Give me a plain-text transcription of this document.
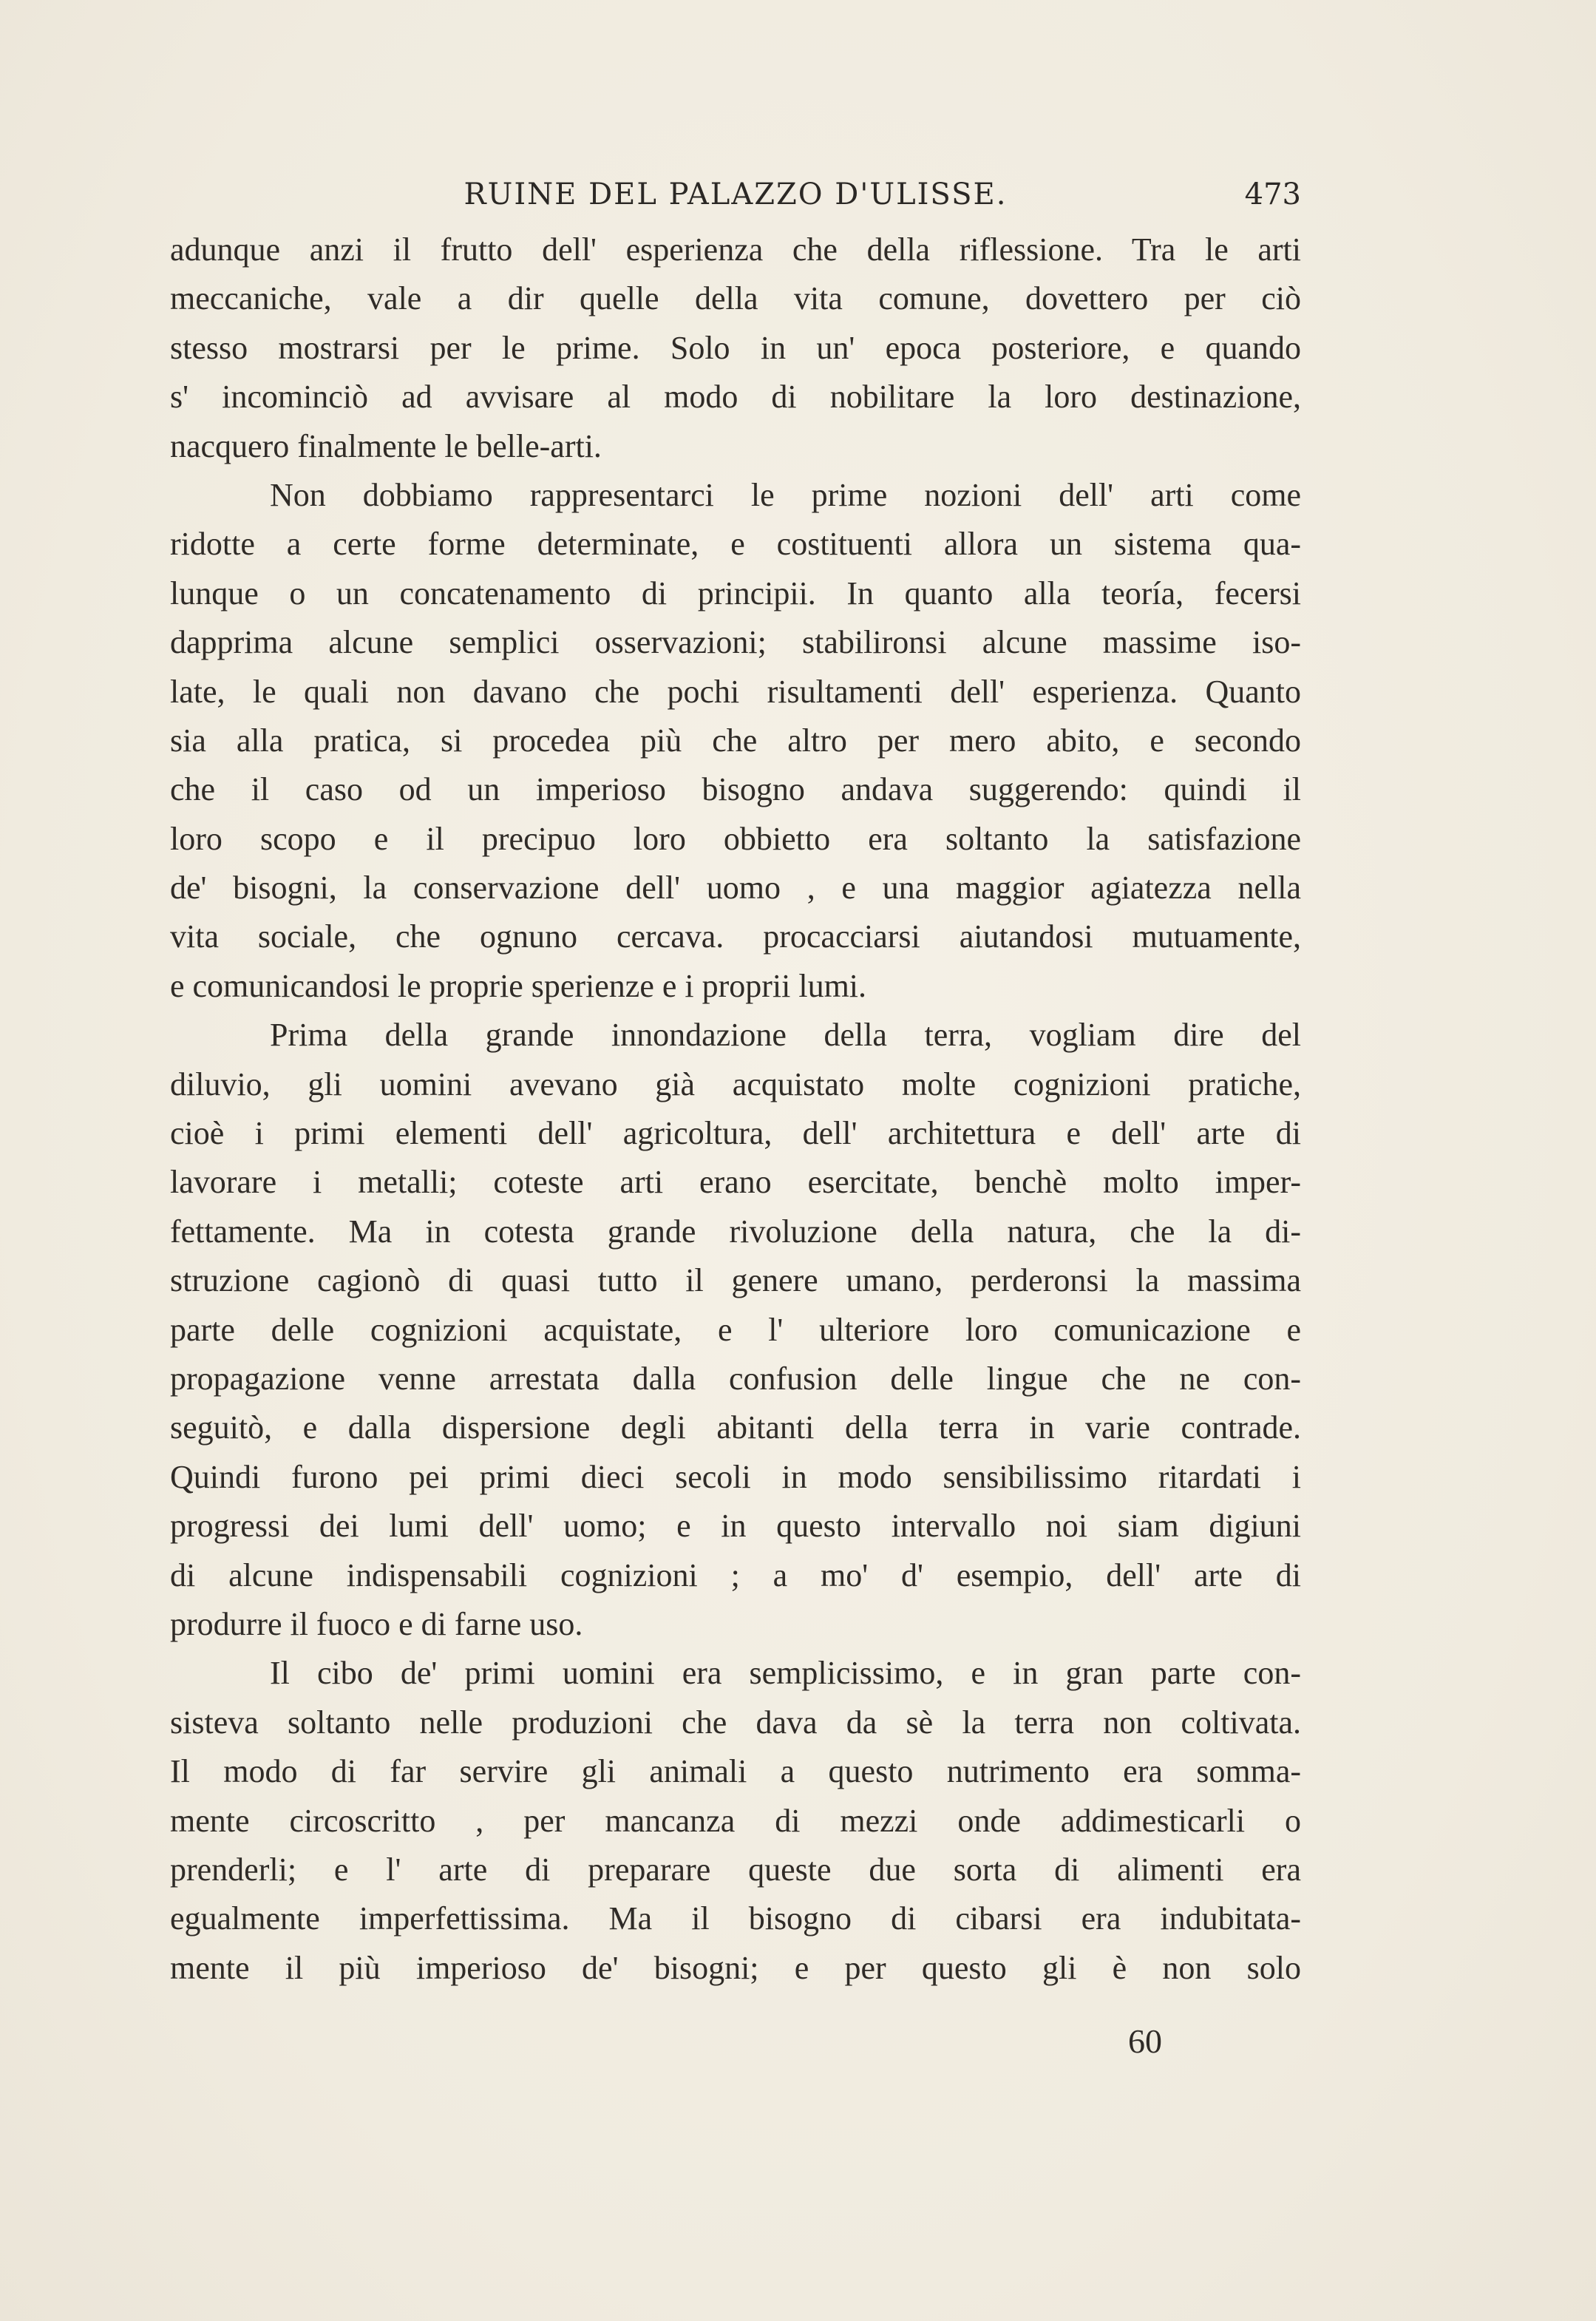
RUINE DEL PALAZZO D'ULISSE.	473
adunque anzi il frutto dell' esperienza che della riflessione. Tra le arti
meccaniche, vale a dir quelle della vita comune, dovettero per ciò
stesso mostrarsi per le prime. Solo in un' epoca posteriore, e quando
s' incominciò ad avvisare al modo di nobilitare la loro destinazione,
nacquero finalmente le belle-arti.
Non dobbiamo rappresentarci le prime nozioni dell' arti come
ridotte a certe forme determinate, e costituenti allora un sistema qua-
lunque o un concatenamento di principii. In quanto alla teoría, fecersi
dapprima alcune semplici osservazioni; stabilironsi alcune massime iso-
late, le quali non davano che pochi risultamenti dell' esperienza. Quanto
sia alla pratica, si procedea più che altro per mero abito, e secondo
che il caso od un imperioso bisogno andava suggerendo: quindi il
loro scopo e il precipuo loro obbietto era soltanto la satisfazione
de' bisogni, la conservazione dell' uomo , e una maggior agiatezza nella
vita sociale, che ognuno cercava. procacciarsi aiutandosi mutuamente,
e comunicandosi le proprie sperienze e i proprii lumi.
Prima della grande innondazione della terra, vogliam dire del
diluvio, gli uomini avevano già acquistato molte cognizioni pratiche,
cioè i primi elementi dell' agricoltura, dell' architettura e dell' arte di
lavorare i metalli; coteste arti erano esercitate, benchè molto imper-
fettamente. Ma in cotesta grande rivoluzione della natura, che la di-
struzione cagionò di quasi tutto il genere umano, perderonsi la massima
parte delle cognizioni acquistate, e l' ulteriore loro comunicazione e
propagazione venne arrestata dalla confusion delle lingue che ne con-
seguitò, e dalla dispersione degli abitanti della terra in varie contrade.
Quindi furono pei primi dieci secoli in modo sensibilissimo ritardati i
progressi dei lumi dell' uomo; e in questo intervallo noi siam digiuni
di alcune indispensabili cognizioni ; a mo' d' esempio, dell' arte di
produrre il fuoco e di farne uso.
Il cibo de' primi uomini era semplicissimo, e in gran parte con-
sisteva soltanto nelle produzioni che dava da sè la terra non coltivata.
Il modo di far servire gli animali a questo nutrimento era somma-
mente circoscritto , per mancanza di mezzi onde addimesticarli o
prenderli; e l' arte di preparare queste due sorta di alimenti era
egualmente imperfettissima. Ma il bisogno di cibarsi era indubitata-
mente il più imperioso de' bisogni; e per questo gli è non solo
60
